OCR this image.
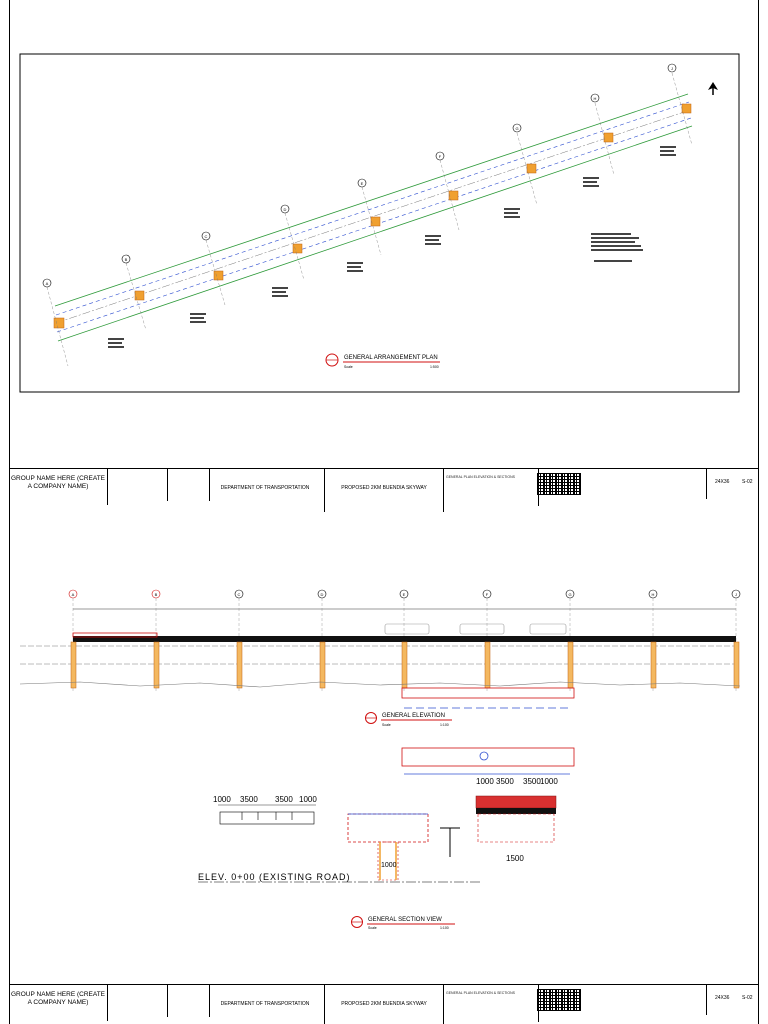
A
B
C
D
E
F
G
H
J
GENERAL ARRANGEMENT PLAN
Scale	1:500
GROUP NAME HERE (CREATE A COMPANY NAME)

	DEPARTMENT OF TRANSPORTATION	PROPOSED 2KM BUENDIA SKYWAY
GENERAL PLAN ELEVATION & SECTIONS
24X36	S-02
A	B	C	D	E	F	G	H	J
GENERAL ELEVATION
Scale	1:100
1000 3500 3500 1000
1000
1000 3500 3500 1000
1500
ELEV. 0+00 (EXISTING ROAD)
GENERAL SECTION VIEW
Scale	1:100
GROUP NAME HERE (CREATE A COMPANY NAME)

	DEPARTMENT OF TRANSPORTATION	PROPOSED 2KM BUENDIA SKYWAY
GENERAL PLAN ELEVATION & SECTIONS
24X36	S-02
